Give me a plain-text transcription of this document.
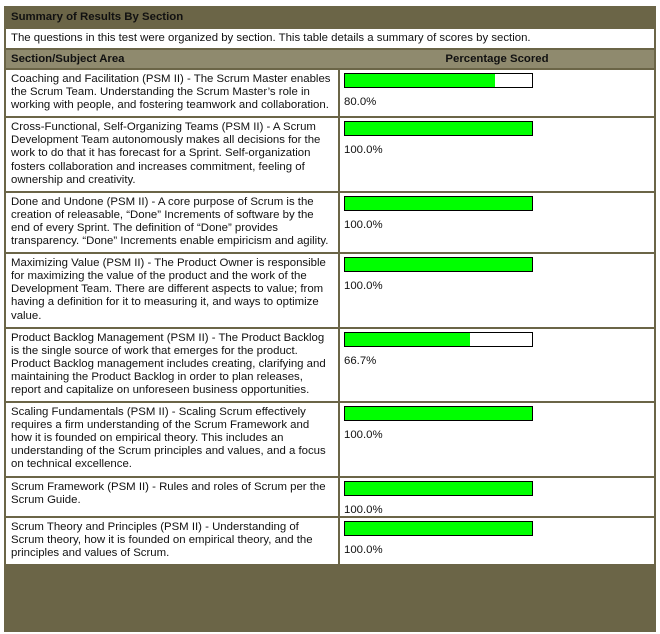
Summary of Results By Section
The questions in this test were organized by section. This table details a summary of scores by section.
Section/Subject Area	Percentage Scored
Coaching and Facilitation (PSM II) - The Scrum Master enables the Scrum Team. Understanding the Scrum Master’s role in working with people, and fostering teamwork and collaboration.	80.0%

Cross-Functional, Self-Organizing Teams (PSM II) - A Scrum Development Team autonomously makes all decisions for the work to do that it has forecast for a Sprint. Self-organization fosters collaboration and increases commitment, feeling of ownership and creativity.	100.0%

Done and Undone (PSM II) - A core purpose of Scrum is the creation of releasable, “Done” Increments of software by the end of every Sprint. The definition of “Done” provides transparency. “Done” Increments enable empiricism and agility.	100.0%

Maximizing Value (PSM II) - The Product Owner is responsible for maximizing the value of the product and the work of the Development Team. There are different aspects to value; from having a definition for it to measuring it, and ways to optimize value.	100.0%

Product Backlog Management (PSM II) - The Product Backlog is the single source of work that emerges for the product. Product Backlog management includes creating, clarifying and maintaining the Product Backlog in order to plan releases, report and capitalize on unforeseen business opportunities.	66.7%

Scaling Fundamentals (PSM II) - Scaling Scrum effectively requires a firm understanding of the Scrum Framework and how it is founded on empirical theory. This includes an understanding of the Scrum principles and values, and a focus on technical excellence.	100.0%

Scrum Framework (PSM II) - Rules and roles of Scrum per the Scrum Guide.	100.0%

Scrum Theory and Principles (PSM II) - Understanding of Scrum theory, how it is founded on empirical theory, and the principles and values of Scrum.	100.0%
